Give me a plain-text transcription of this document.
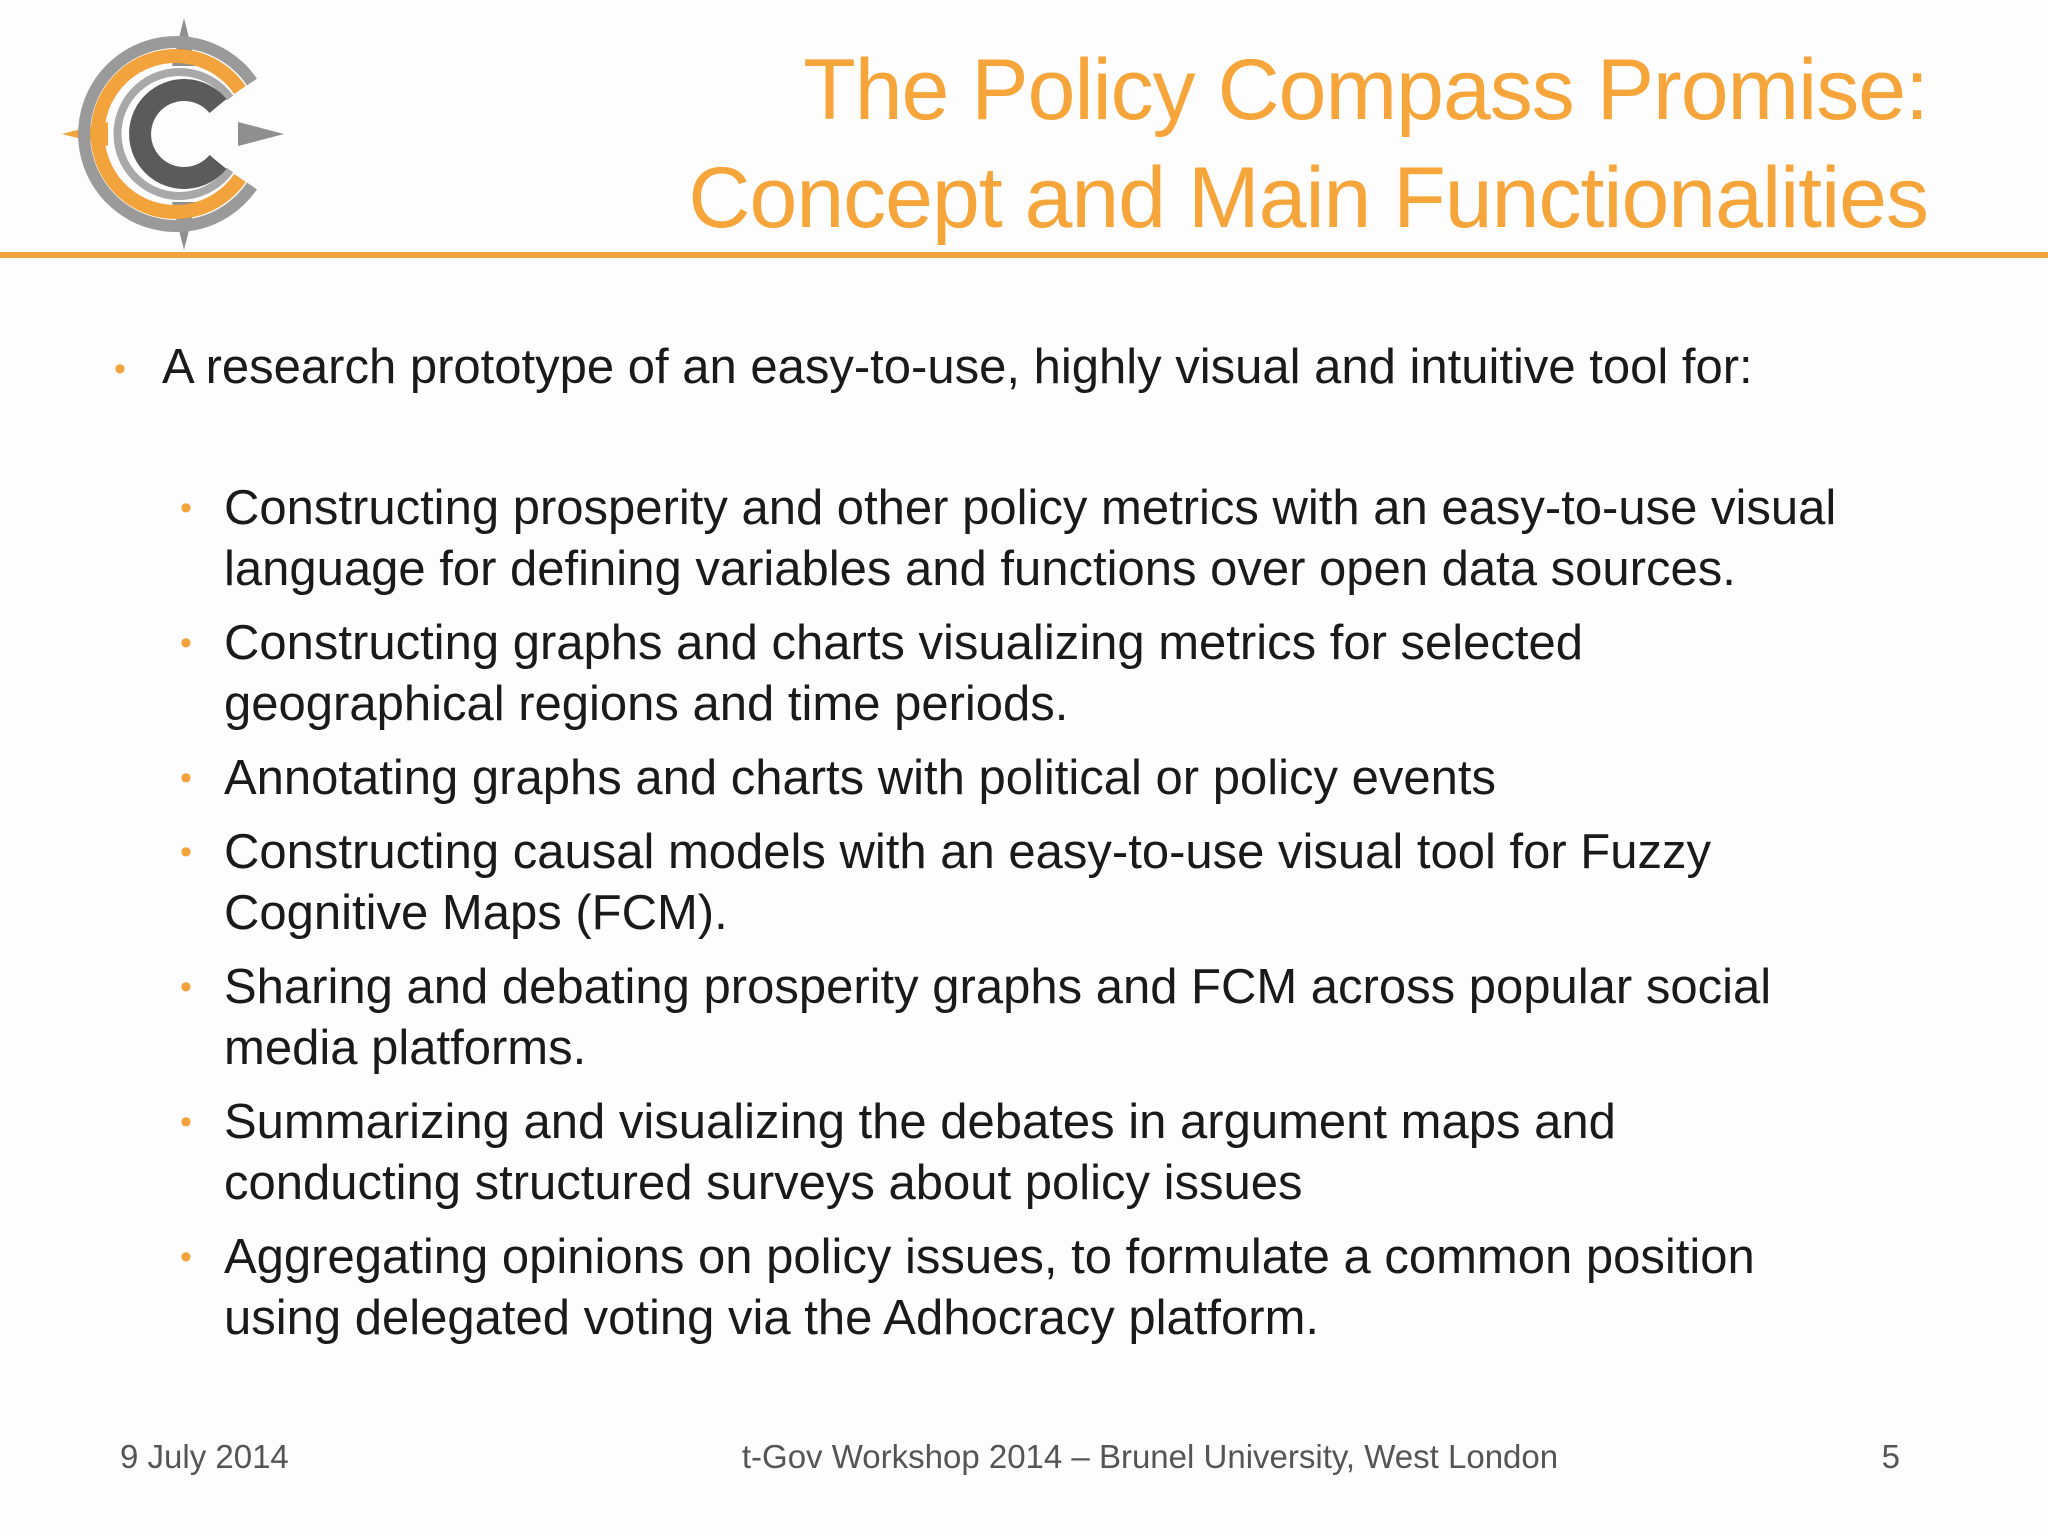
The Policy Compass Promise:
Concept and Main Functionalities
• A research prototype of an easy-to-use, highly visual and intuitive tool for:
• Constructing prosperity and other policy metrics with an easy-to-use visual
language for defining variables and functions over open data sources.
• Constructing graphs and charts visualizing metrics for selected
geographical regions and time periods.
• Annotating graphs and charts with political or policy events
• Constructing causal models with an easy-to-use visual tool for Fuzzy
Cognitive Maps (FCM).
• Sharing and debating prosperity graphs and FCM across popular social
media platforms.
• Summarizing and visualizing the debates in argument maps and
conducting structured surveys about policy issues
• Aggregating opinions on policy issues, to formulate a common position
using delegated voting via the Adhocracy platform.
9 July 2014	t-Gov Workshop 2014 – Brunel University, West London	5
